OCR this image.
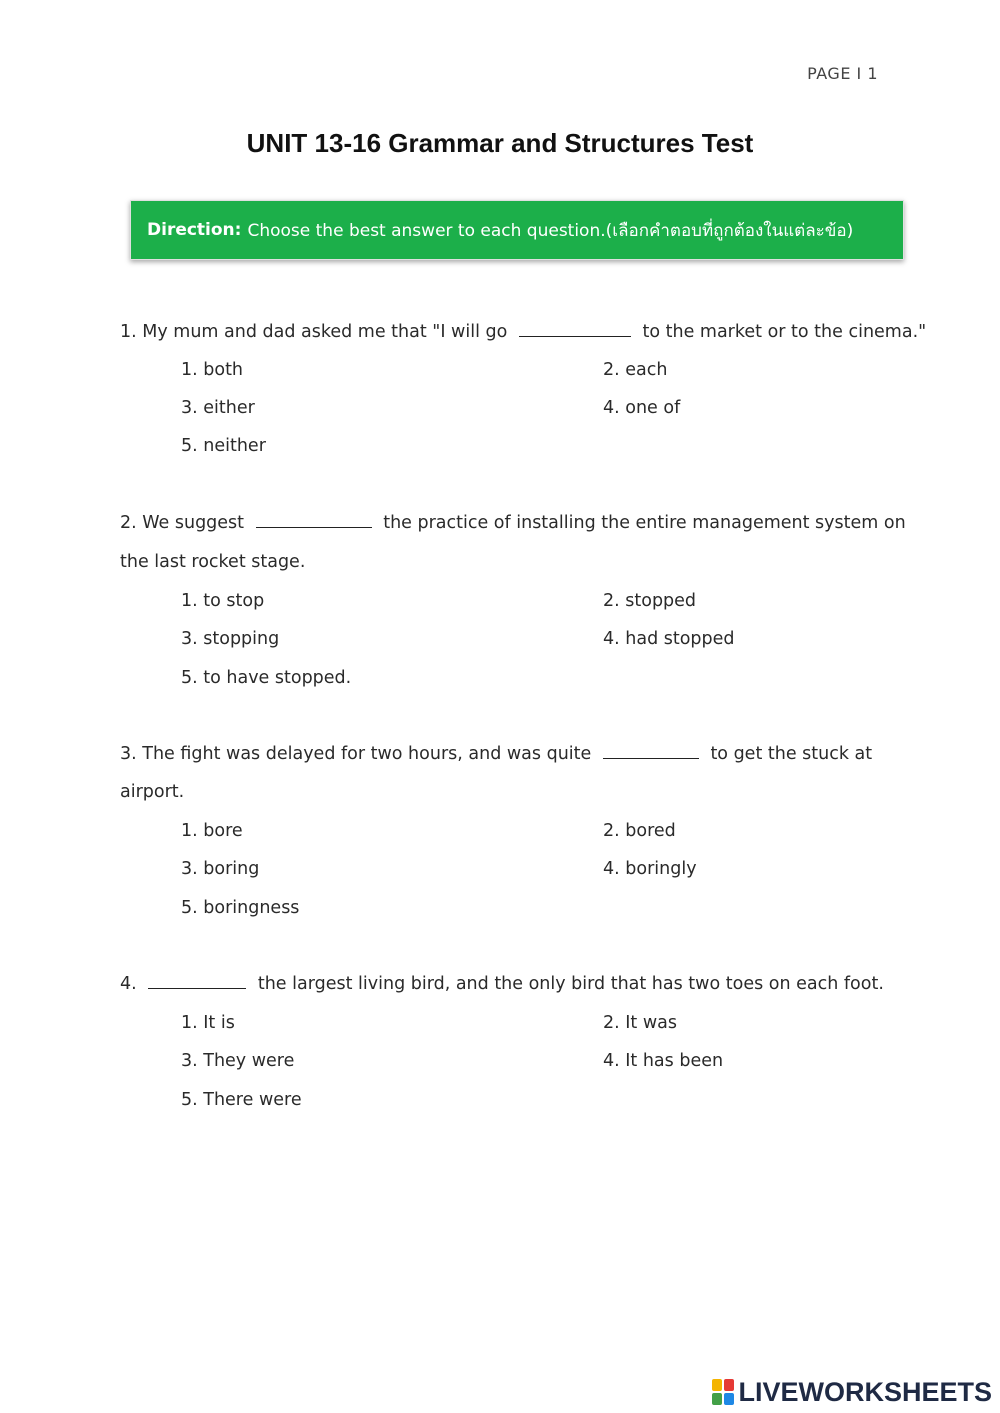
PAGE I 1
UNIT 13-16 Grammar and Structures Test
Direction: Choose the best answer to each question.(เลือกคำตอบที่ถูกต้องในแต่ละข้อ)
1. My mum and dad asked me that "I will go	to the market or to the cinema."
1. both	2. each
3. either	4. one of
5. neither
2. We suggest	the practice of installing the entire management system on
the last rocket stage.
1. to stop	2. stopped
3. stopping	4. had stopped
5. to have stopped.
3. The fight was delayed for two hours, and was quite	to get the stuck at
airport.
1. bore	2. bored
3. boring	4. boringly
5. boringness
4.	the largest living bird, and the only bird that has two toes on each foot.
1. It is	2. It was
3. They were	4. It has been
5. There were
LIVEWORKSHEETS
